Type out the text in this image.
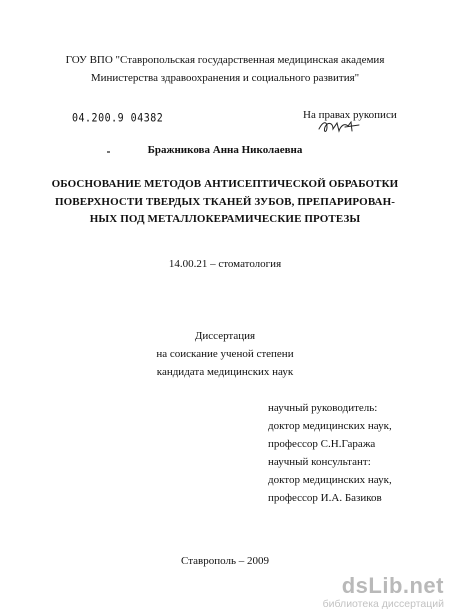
ГОУ ВПО "Ставропольская государственная медицинская академия
Министерства здравоохранения и социального развития"
04.200.9 04382	На правах рукописи
Бражникова Анна Николаевна
ОБОСНОВАНИЕ МЕТОДОВ АНТИСЕПТИЧЕСКОЙ ОБРАБОТКИ
ПОВЕРХНОСТИ ТВЕРДЫХ ТКАНЕЙ ЗУБОВ, ПРЕПАРИРОВАН-
НЫХ ПОД МЕТАЛЛОКЕРАМИЧЕСКИЕ ПРОТЕЗЫ
14.00.21 – стоматология
Диссертация
на соискание ученой степени
кандидата медицинских наук
научный руководитель:
доктор медицинских наук,
профессор С.Н.Гаража
научный консультант:
доктор медицинских наук,
профессор И.А. Базиков
Ставрополь – 2009
dsLib.net
библиотека диссертаций
